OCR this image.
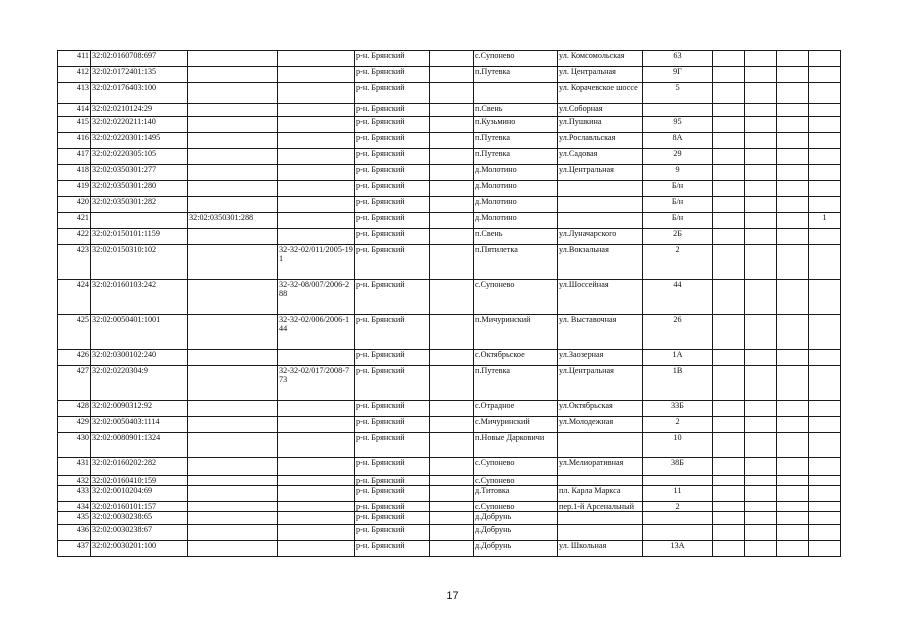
411	32:02:0160708:697			р-н. Брянский		с.Супонево	ул. Комсомольская	63				
412	32:02:0172401:135			р-н. Брянский		п.Путевка	ул. Центральная	9Г				
413	32:02:0176403:100			р-н. Брянский			ул. Корачевское шоссе	5				
414	32:02:0210124:29			р-н. Брянский		п.Свень	ул.Соборная					
415	32:02:0220211:140			р-н. Брянский		п.Кузьмино	ул.Пушкина	95				
416	32:02:0220301:1495			р-н. Брянский		п.Путевка	ул.Рославльская	8А				
417	32:02:0220305:105			р-н. Брянский		п.Путевка	ул.Садовая	29				
418	32:02:0350301:277			р-н. Брянский		д.Молотино	ул.Центральная	9				
419	32:02:0350301:280			р-н. Брянский		д.Молотино		Б/н				
420	32:02:0350301:282			р-н. Брянский		д.Молотино		Б/н				
421		32:02:0350301:288		р-н. Брянский		д.Молотино		Б/н				1
422	32:02:0150101:1159			р-н. Брянский		п.Свень	ул.Луначарского	2Б				
423	32:02:0150310:102		32-32-02/011/2005-191	р-н. Брянский		п.Пятилетка	ул.Вокзальная	2				
424	32:02:0160103:242		32-32-08/007/2006-288	р-н. Брянский		с.Супонево	ул.Шоссейная	44				
425	32:02:0050401:1001		32-32-02/006/2006-144	р-н. Брянский		п.Мичуринский	ул. Выставочная	26				
426	32:02:0300102:240			р-н. Брянский		с.Октябрьское	ул.Заозерная	1А				
427	32:02:0220304:9		32-32-02/017/2008-773	р-н. Брянский		п.Путевка	ул.Центральная	1В				
428	32:02:0090312:92			р-н. Брянский		с.Отрадное	ул.Октябрьская	33Б				
429	32:02:0050403:1114			р-н. Брянский		с.Мичуринский	ул.Молодежная	2				
430	32:02:0080901:1324			р-н. Брянский		п.Новые Дарковичи		10				
431	32:02:0160202:282			р-н. Брянский		с.Супонево	ул.Мелиоративная	38Б				
432	32:02:0160410:159			р-н. Брянский		с.Супонево						
433	32:02:0010204:69			р-н. Брянский		д.Титовка	пл. Карла Маркса	11				
434	32:02:0160101:157			р-н. Брянский		с.Супонево	пер.1-й Арсенальный	2				
435	32:02:0030238:65			р-н. Брянский		д.Добрунь						
436	32:02:0030238:67			р-н. Брянский		д.Добрунь						
437	32:02:0030201:100			р-н. Брянский		д.Добрунь	ул. Школьная	13А				
17
